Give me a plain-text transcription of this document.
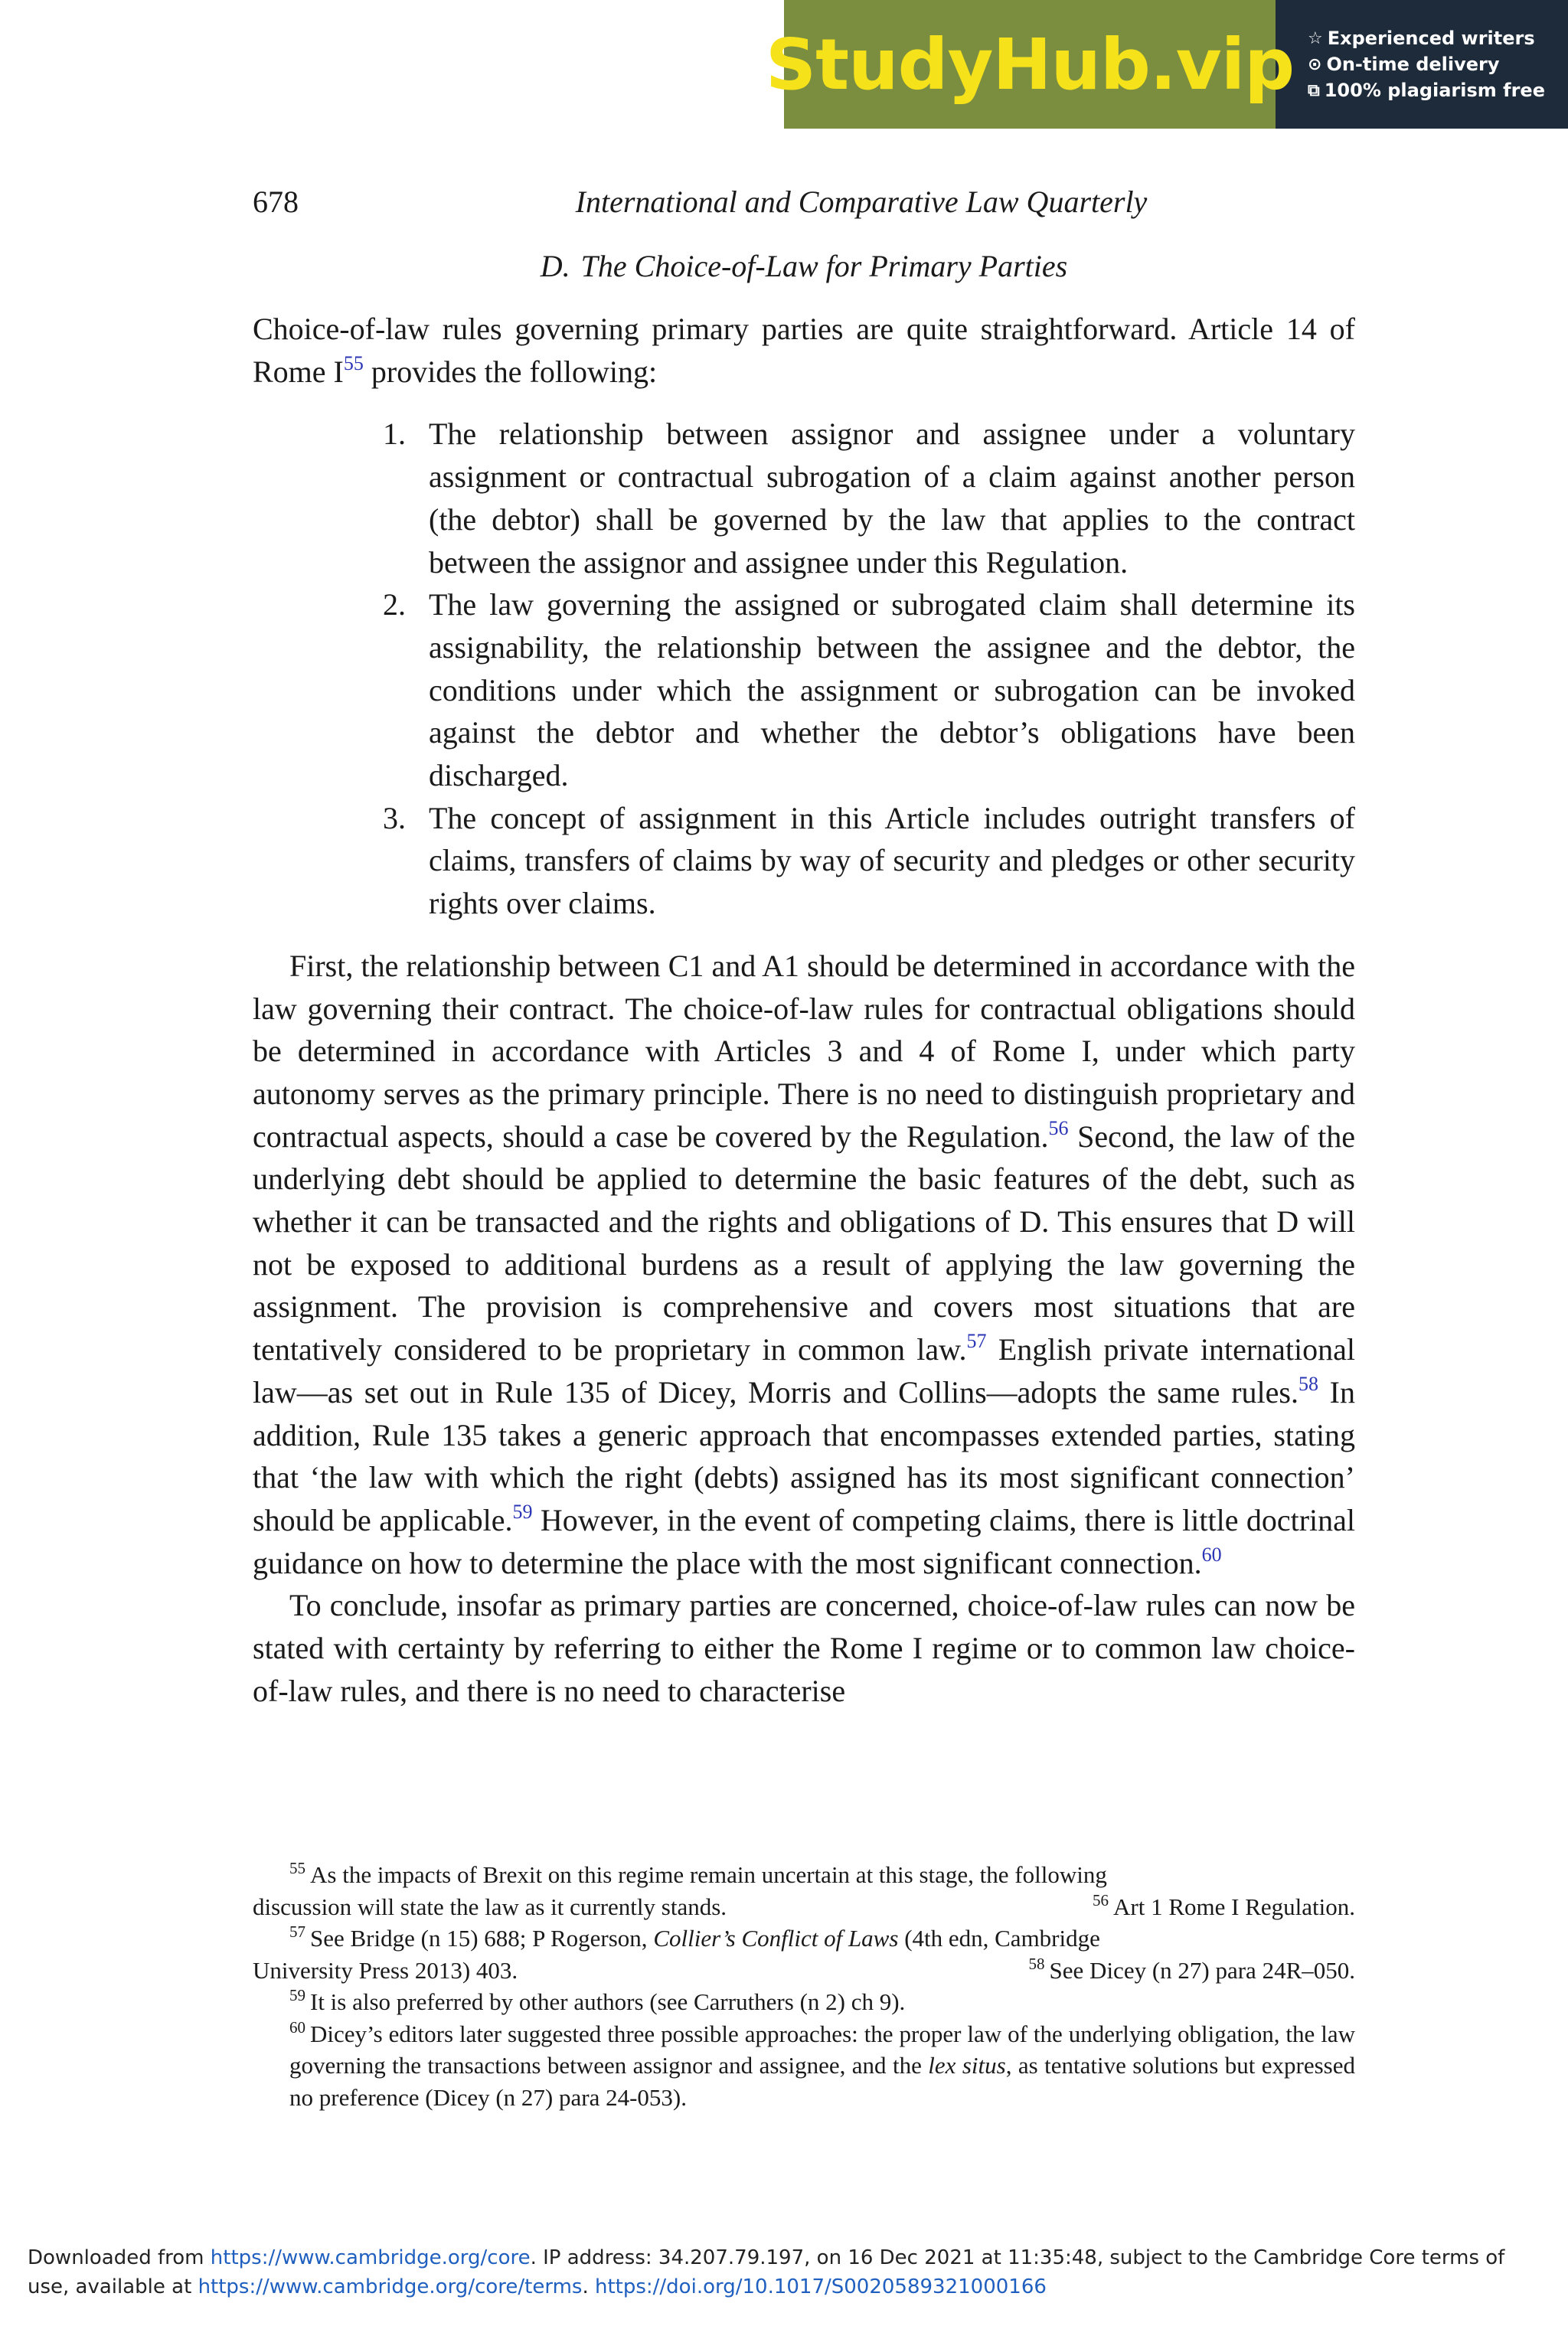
StudyHub.vip ☆ Experienced writers
⊙ On-time delivery
⧉ 100% plagiarism free
678	International and Comparative Law Quarterly
D. The Choice-of-Law for Primary Parties

Choice-of-law rules governing primary parties are quite straightforward. Article 14 of Rome I$^{55}$ provides the following:

1. The relationship between assignor and assignee under a voluntary assignment or contractual subrogation of a claim against another person (the debtor) shall be governed by the law that applies to the contract between the assignor and assignee under this Regulation.
2. The law governing the assigned or subrogated claim shall determine its assignability, the relationship between the assignee and the debtor, the conditions under which the assignment or subrogation can be invoked against the debtor and whether the debtor’s obligations have been discharged.
3. The concept of assignment in this Article includes outright transfers of claims, transfers of claims by way of security and pledges or other security rights over claims.

First, the relationship between C1 and A1 should be determined in accordance with the law governing their contract. The choice-of-law rules for contractual obligations should be determined in accordance with Articles 3 and 4 of Rome I, under which party autonomy serves as the primary principle. There is no need to distinguish proprietary and contractual aspects, should a case be covered by the Regulation.$^{56}$ Second, the law of the underlying debt should be applied to determine the basic features of the debt, such as whether it can be transacted and the rights and obligations of D. This ensures that D will not be exposed to additional burdens as a result of applying the law governing the assignment. The provision is comprehensive and covers most situations that are tentatively considered to be proprietary in common law.$^{57}$ English private international law—as set out in Rule 135 of Dicey, Morris and Collins—adopts the same rules.$^{58}$ In addition, Rule 135 takes a generic approach that encompasses extended parties, stating that ‘the law with which the right (debts) assigned has its most significant connection’ should be applicable.$^{59}$ However, in the event of competing claims, there is little doctrinal guidance on how to determine the place with the most significant connection.$^{60}$

To conclude, insofar as primary parties are concerned, choice-of-law rules can now be stated with certainty by referring to either the Rome I regime or to common law choice-of-law rules, and there is no need to characterise

$^{55}$ As the impacts of Brexit on this regime remain uncertain at this stage, the following

discussion will state the law as it currently stands.	$^{56}$ Art 1 Rome I Regulation.

$^{57}$ See Bridge (n 15) 688; P Rogerson, Collier’s Conflict of Laws (4th edn, Cambridge

University Press 2013) 403.	$^{58}$ See Dicey (n 27) para 24R–050.

$^{59}$ It is also preferred by other authors (see Carruthers (n 2) ch 9).

$^{60}$ Dicey’s editors later suggested three possible approaches: the proper law of the underlying obligation, the law governing the transactions between assignor and assignee, and the lex situs, as tentative solutions but expressed no preference (Dicey (n 27) para 24-053).

Downloaded from https://www.cambridge.org/core. IP address: 34.207.79.197, on 16 Dec 2021 at 11:35:48, subject to the Cambridge Core terms of use, available at https://www.cambridge.org/core/terms. https://doi.org/10.1017/S0020589321000166
